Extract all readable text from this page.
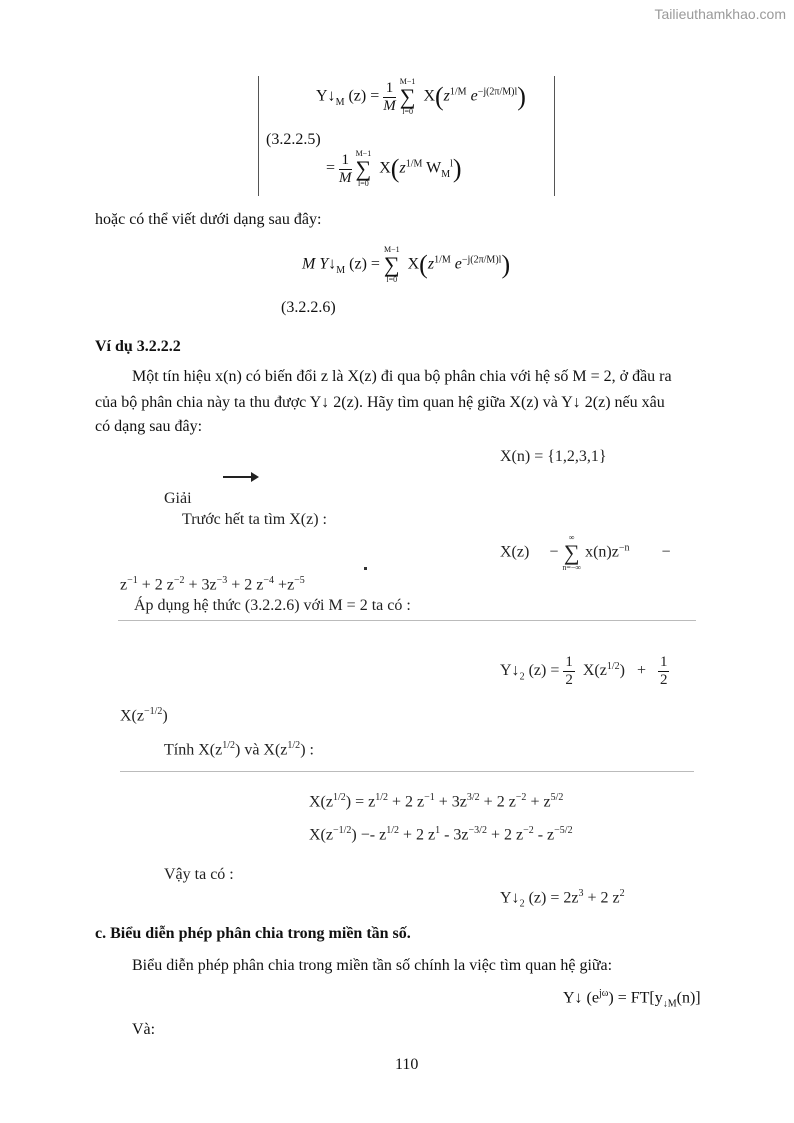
Tailieuthamkhao.com
$Y↓_M$ $(z) = \frac{1}{M}$
M−1
∑
l=0
$X(z^{1/M}$ $e^{-j(2\pi/M)l}$)
(3.2.2.5)
= $\frac{1}{M}$
M−1
∑
l=0
$X(z^{1/M}$ $W_M^l$)
hoặc có thể viết dưới dạng sau đây:
M $Y↓_M$ (z) =
M−1
∑
l=0
$X(z^{1/M}$ $e^{-j(2\pi/M)l}$)
(3.2.2.6)
Ví dụ 3.2.2.2
Một tín hiệu x(n) có biến đổi z là X(z) đi qua bộ phân chia với hệ số M = 2, ở đầu ra
của bộ phân chia này ta thu được Y↓ 2(z). Hãy tìm quan hệ giữa X(z) và Y↓ 2(z) nếu xâu
có dạng sau đây:
X(n) = {1,2,3,1}
Giải
Trước hết ta tìm X(z) :
X(z) −
∞
∑
n=−∞
$x(n)z^{-n}$ −
$z^{-1} + 2$ $z^{-2} + 3z^{-3} + 2$ $z^{-4} +z^{-5}$
Áp dụng hệ thức (3.2.2.6) với M = 2 ta có :
$Y↓_2$ $(z) = \frac{1}{2} X(z^{1/2}) + \frac{1}{2}$
$X(z^{-1/2})$
Tính $X(z^{1/2})$ và $X(z^{1/2})$ :
$X(z^{1/2}) = z^{1/2} + 2$ $z^{-1} + 3z^{3/2} + 2$ $z^{-2} + z^{5/2}$
$X(z^{-1/2}) -- z^{1/2} + 2$ $z^1 - 3z^{-3/2} + 2$ $z^{-2} - z^{-5/2}$
Vậy ta có :
$Y↓_2$ $(z) = 2z^3 + 2$ $z^2$
c. Biểu diễn phép phân chia trong miền tần số.
Biểu diễn phép phân chia trong miền tần số chính la việc tìm quan hệ giữa:
Y↓ $(e^{j\omega}) = FT[y_{↓M}(n)]$
Và:
110
